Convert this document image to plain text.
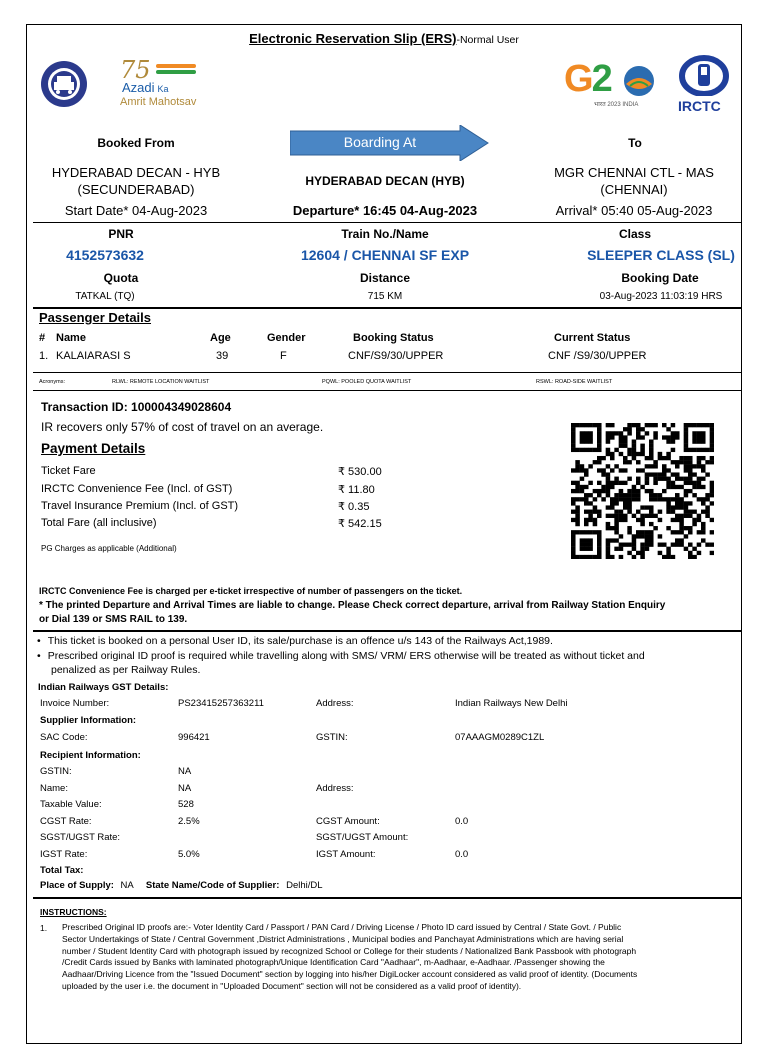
Electronic Reservation Slip (ERS)-Normal User
75
Azadi Ka
Amrit Mahotsav
G2
भारत 2023 INDIA	IRCTC
Booked From	Boarding At	To
HYDERABAD DECAN - HYB
(SECUNDERABAD)
HYDERABAD DECAN (HYB)
MGR CHENNAI CTL - MAS
(CHENNAI)
Start Date* 04-Aug-2023	Departure* 16:45 04-Aug-2023	Arrival* 05:40 05-Aug-2023
PNR	Train No./Name	Class
4152573632	12604 / CHENNAI SF EXP	SLEEPER CLASS (SL)
Quota	Distance	Booking Date
TATKAL (TQ)	715 KM	03-Aug-2023 11:03:19 HRS
Passenger Details
# Name	Age	Gender	Booking Status	Current Status
1. KALAIARASI S	39	F	CNF/S9/30/UPPER	CNF /S9/30/UPPER
Acronyms:	RLWL: REMOTE LOCATION WAITLIST	PQWL: POOLED QUOTA WAITLIST	RSWL: ROAD-SIDE WAITLIST
Transaction ID: 100004349028604
IR recovers only 57% of cost of travel on an average.
Payment Details
Ticket Fare	₹ 530.00
IRCTC Convenience Fee (Incl. of GST)	₹ 11.80
Travel Insurance Premium (Incl. of GST)	₹ 0.35
Total Fare (all inclusive)	₹ 542.15
PG Charges as applicable (Additional)
IRCTC Convenience Fee is charged per e-ticket irrespective of number of passengers on the ticket.
* The printed Departure and Arrival Times are liable to change. Please Check correct departure, arrival from Railway Station Enquiry
or Dial 139 or SMS RAIL to 139.
• This ticket is booked on a personal User ID, its sale/purchase is an offence u/s 143 of the Railways Act,1989.
• Prescribed original ID proof is required while travelling along with SMS/ VRM/ ERS otherwise will be treated as without ticket and
penalized as per Railway Rules.
Indian Railways GST Details:
Invoice Number:	PS23415257363211	Address:	Indian Railways New Delhi
Supplier Information:
SAC Code:	996421	GSTIN:	07AAAGM0289C1ZL
Recipient Information:
GSTIN:	NA
Name:	NA	Address:
Taxable Value:	528
CGST Rate:	2.5%	CGST Amount:	0.0
SGST/UGST Rate:	SGST/UGST Amount:
IGST Rate:	5.0%	IGST Amount:	0.0
Total Tax:
Place of Supply: NA State Name/Code of Supplier: Delhi/DL
INSTRUCTIONS:
1. Prescribed Original ID proofs are:- Voter Identity Card / Passport / PAN Card / Driving License / Photo ID card issued by Central / State Govt. / Public
Sector Undertakings of State / Central Government ,District Administrations , Municipal bodies and Panchayat Administrations which are having serial
number / Student Identity Card with photograph issued by recognized School or College for their students / Nationalized Bank Passbook with photograph
/Credit Cards issued by Banks with laminated photograph/Unique Identification Card "Aadhaar", m-Aadhaar, e-Aadhaar. /Passenger showing the
Aadhaar/Driving Licence from the "Issued Document" section by logging into his/her DigiLocker account considered as valid proof of identity. (Documents
uploaded by the user i.e. the document in "Uploaded Document" section will not be considered as a valid proof of identity).
